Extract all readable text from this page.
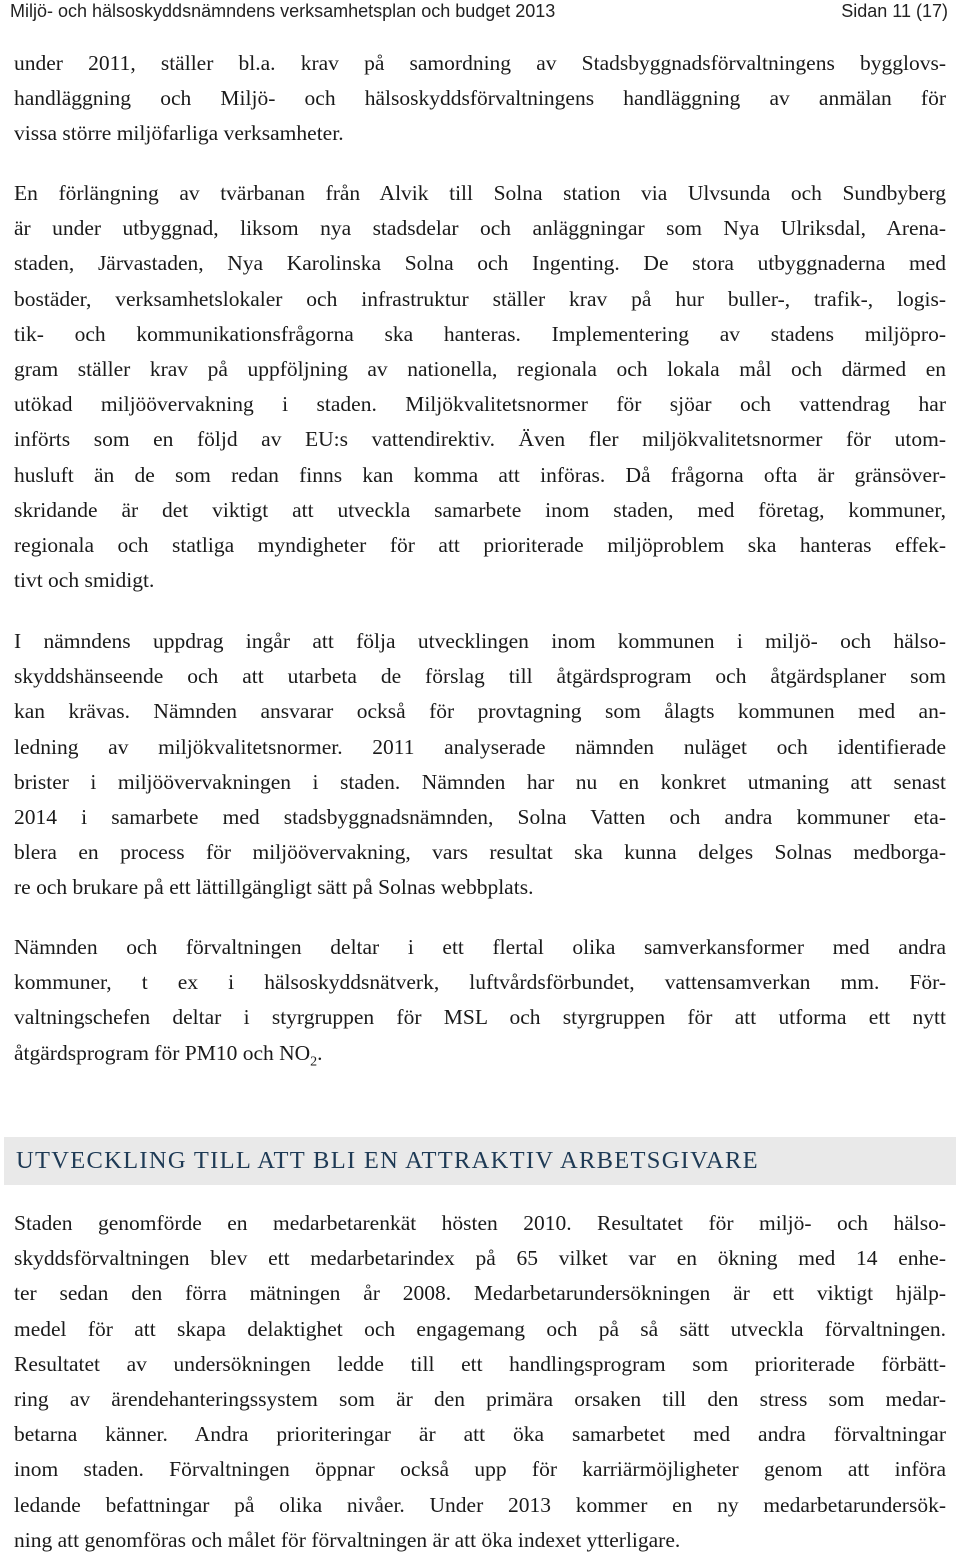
Miljö- och hälsoskyddsnämndens verksamhetsplan och budget 2013	Sidan 11 (17)

under 2011, ställer bl.a. krav på samordning av Stadsbyggnadsförvaltningens bygglovs-
handläggning och Miljö- och hälsoskyddsförvaltningens handläggning av anmälan för
vissa större miljöfarliga verksamheter.

En förlängning av tvärbanan från Alvik till Solna station via Ulvsunda och Sundbyberg
är under utbyggnad, liksom nya stadsdelar och anläggningar som Nya Ulriksdal, Arena-
staden, Järvastaden, Nya Karolinska Solna och Ingenting. De stora utbyggnaderna med
bostäder, verksamhetslokaler och infrastruktur ställer krav på hur buller-, trafik-, logis-
tik- och kommunikationsfrågorna ska hanteras. Implementering av stadens miljöpro-
gram ställer krav på uppföljning av nationella, regionala och lokala mål och därmed en
utökad miljöövervakning i staden. Miljökvalitetsnormer för sjöar och vattendrag har
införts som en följd av EU:s vattendirektiv. Även fler miljökvalitetsnormer för utom-
husluft än de som redan finns kan komma att införas. Då frågorna ofta är gränsöver-
skridande är det viktigt att utveckla samarbete inom staden, med företag, kommuner,
regionala och statliga myndigheter för att prioriterade miljöproblem ska hanteras effek-
tivt och smidigt.

I nämndens uppdrag ingår att följa utvecklingen inom kommunen i miljö- och hälso-
skyddshänseende och att utarbeta de förslag till åtgärdsprogram och åtgärdsplaner som
kan krävas. Nämnden ansvarar också för provtagning som ålagts kommunen med an-
ledning av miljökvalitetsnormer. 2011 analyserade nämnden nuläget och identifierade
brister i miljöövervakningen i staden. Nämnden har nu en konkret utmaning att senast
2014 i samarbete med stadsbyggnadsnämnden, Solna Vatten och andra kommuner eta-
blera en process för miljöövervakning, vars resultat ska kunna delges Solnas medborga-
re och brukare på ett lättillgängligt sätt på Solnas webbplats.

Nämnden och förvaltningen deltar i ett flertal olika samverkansformer med andra
kommuner, t ex i hälsoskyddsnätverk, luftvårdsförbundet, vattensamverkan mm. För-
valtningschefen deltar i styrgruppen för MSL och styrgruppen för att utforma ett nytt
åtgärdsprogram för PM10 och $NO_2$.

UTVECKLING TILL ATT BLI EN ATTRAKTIV ARBETSGIVARE

Staden genomförde en medarbetarenkät hösten 2010. Resultatet för miljö- och hälso-
skyddsförvaltningen blev ett medarbetarindex på 65 vilket var en ökning med 14 enhe-
ter sedan den förra mätningen år 2008. Medarbetarundersökningen är ett viktigt hjälp-
medel för att skapa delaktighet och engagemang och på så sätt utveckla förvaltningen.
Resultatet av undersökningen ledde till ett handlingsprogram som prioriterade förbätt-
ring av ärendehanteringssystem som är den primära orsaken till den stress som medar-
betarna känner. Andra prioriteringar är att öka samarbetet med andra förvaltningar
inom staden. Förvaltningen öppnar också upp för karriärmöjligheter genom att införa
ledande befattningar på olika nivåer. Under 2013 kommer en ny medarbetarundersök-
ning att genomföras och målet för förvaltningen är att öka indexet ytterligare.
